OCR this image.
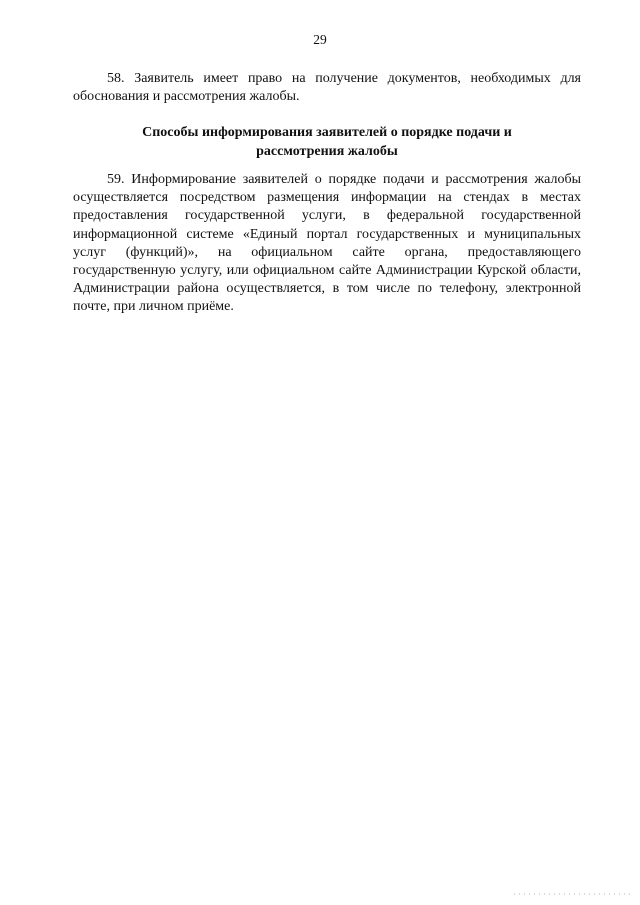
29

58. Заявитель имеет право на получение документов, необходимых для обоснования и рассмотрения жалобы.

Способы информирования заявителей о порядке подачи и
рассмотрения жалобы

59. Информирование заявителей о порядке подачи и рассмотрения жалобы осуществляется посредством размещения информации на стендах в местах предоставления государственной услуги, в федеральной государственной информационной системе «Единый портал государственных и муниципальных услуг (функций)», на официальном сайте органа, предоставляющего государственную услугу, или официальном сайте Администрации Курской области, Администрации района осуществляется, в том числе по телефону, электронной почте, при личном приёме.
